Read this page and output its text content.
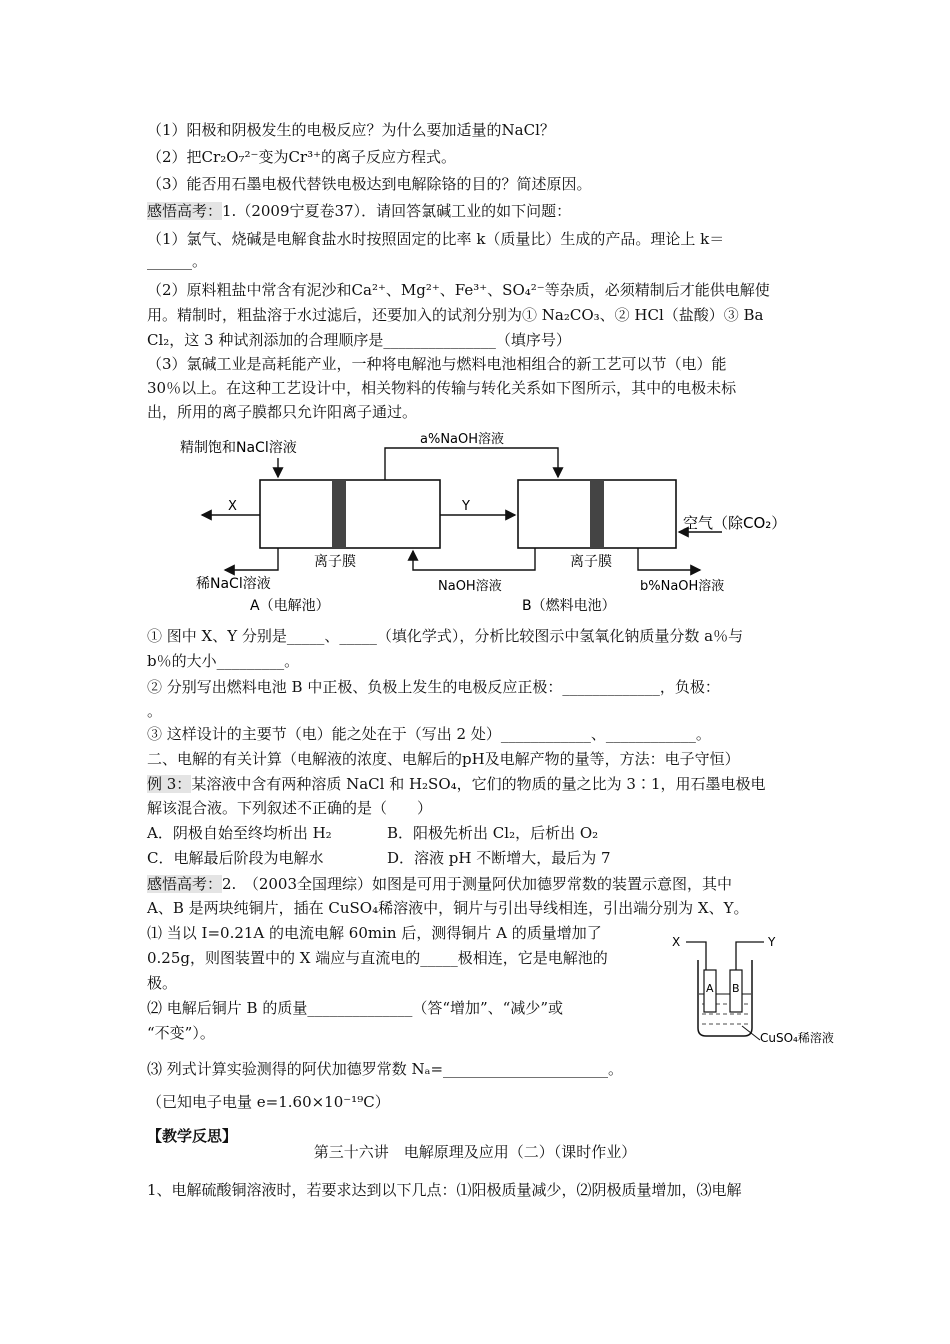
（1）阳极和阴极发生的电极反应？为什么要加适量的NaCl？
（2）把Cr₂O₇²⁻变为Cr³⁺的离子反应方程式。
（3）能否用石墨电极代替铁电极达到电解除铬的目的？简述原因。
感悟高考：1.（2009宁夏卷37）．请回答氯碱工业的如下问题：
（1）氯气、烧碱是电解食盐水时按照固定的比率 k（质量比）生成的产品。理论上 k＝
______。
（2）原料粗盐中常含有泥沙和Ca²⁺、Mg²⁺、Fe³⁺、SO₄²⁻等杂质，必须精制后才能供电解使
用。精制时，粗盐溶于水过滤后，还要加入的试剂分别为① Na₂CO₃、② HCl（盐酸）③ Ba
Cl₂，这 3 种试剂添加的合理顺序是_______________（填序号）
（3）氯碱工业是高耗能产业，一种将电解池与燃料电池相组合的新工艺可以节（电）能
30％以上。在这种工艺设计中，相关物料的传输与转化关系如下图所示，其中的电极未标
出，所用的离子膜都只允许阳离子通过。
精制饱和NaCl溶液
a%NaOH溶液
X	Y
空气（除CO₂）
离子膜	离子膜
稀NaCl溶液	NaOH溶液	b%NaOH溶液
A（电解池）	B（燃料电池）
① 图中 X、Y 分别是_____、_____（填化学式），分析比较图示中氢氧化钠质量分数 a％与
b％的大小_________。
② 分别写出燃料电池 B 中正极、负极上发生的电极反应正极：_____________，负极：
。
③ 这样设计的主要节（电）能之处在于（写出 2 处）____________、____________。
二、电解的有关计算（电解液的浓度、电解后的pH及电解产物的量等，方法：电子守恒）
例 3：某溶液中含有两种溶质 NaCl 和 H₂SO₄，它们的物质的量之比为 3∶1，用石墨电极电
解该混合液。下列叙述不正确的是（　　）
A．阴极自始至终均析出 H₂	B．阳极先析出 Cl₂，后析出 O₂
C．电解最后阶段为电解水	D．溶液 pH 不断增大，最后为 7
感悟高考：2.　（2003全国理综）如图是可用于测量阿伏加德罗常数的装置示意图，其中
A、B 是两块纯铜片，插在 CuSO₄稀溶液中，铜片与引出导线相连，引出端分别为 X、Y。
⑴ 当以 I=0.21A 的电流电解 60min 后，测得铜片 A 的质量增加了
0.25g，则图装置中的 X 端应与直流电的_____极相连，它是电解池的
极。
⑵ 电解后铜片 B 的质量______________（答“增加”、“减少”或
“不变”）。
⑶ 列式计算实验测得的阿伏加德罗常数 Nₐ=______________________。
（已知电子电量 e=1.60×10⁻¹⁹C）
X	Y
A B
CuSO₄稀溶液
【教学反思】
第三十六讲　电解原理及应用（二）（课时作业）
1、电解硫酸铜溶液时，若要求达到以下几点：⑴阳极质量减少，⑵阴极质量增加，⑶电解
